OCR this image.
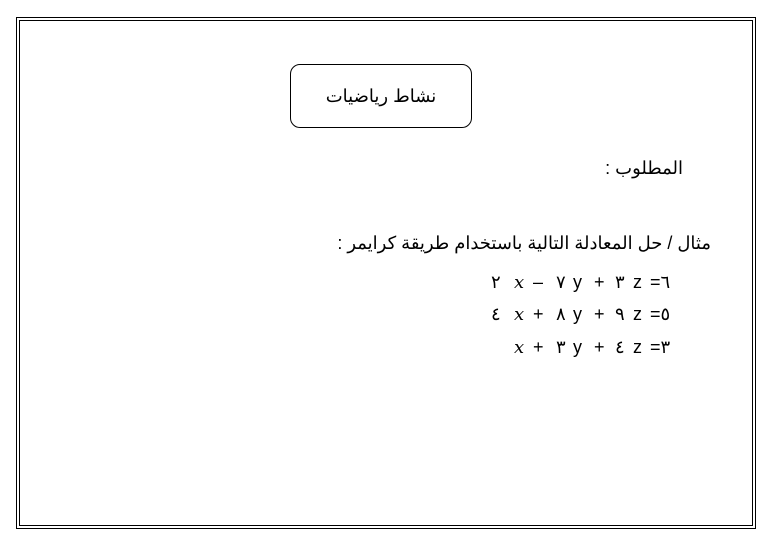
نشاط رياضيات
المطلوب :
مثال / حل المعادلة التالية باستخدام طريقة كرايمر :
٢ x – ٧ y + ٣ z =٦
٤ x + ٨ y + ٩ z =٥
x + ٣ y + ٤ z =٣
